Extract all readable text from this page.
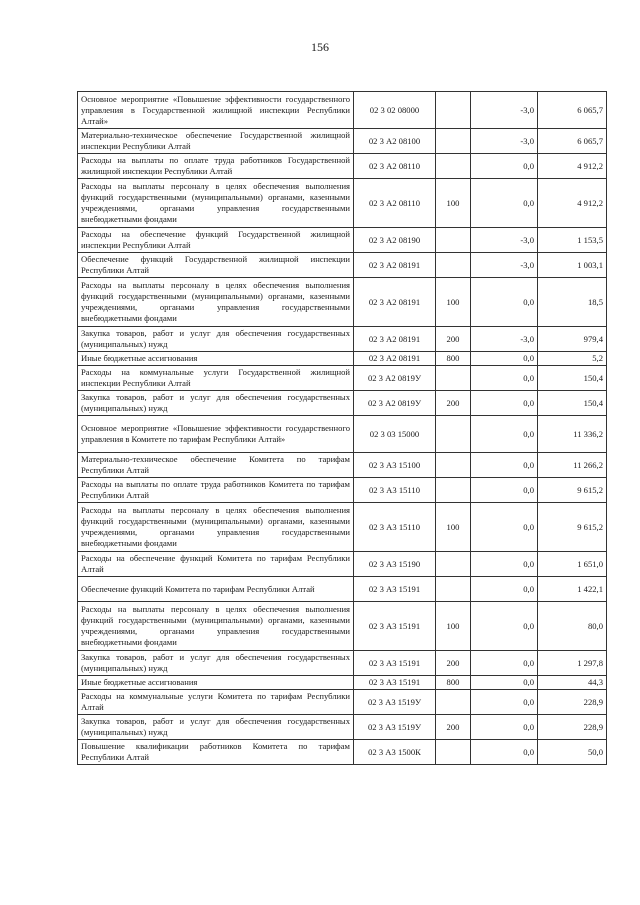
156
Основное мероприятие «Повышение эффективности государственного управления в Государственной жилищной инспекции Республики Алтай»	02 3 02 08000		-3,0	6 065,7
Материально-техническое обеспечение Государственной жилищной инспекции Республики Алтай	02 3 А2 08100		-3,0	6 065,7
Расходы на выплаты по оплате труда работников Государственной жилищной инспекции Республики Алтай	02 3 А2 08110		0,0	4 912,2
Расходы на выплаты персоналу в целях обеспечения выполнения функций государственными (муниципальными) органами, казенными учреждениями, органами управления государственными внебюджетными фондами	02 3 А2 08110	100	0,0	4 912,2
Расходы на обеспечение функций Государственной жилищной инспекции Республики Алтай	02 3 А2 08190		-3,0	1 153,5
Обеспечение функций Государственной жилищной инспекции Республики Алтай	02 3 А2 08191		-3,0	1 003,1
Расходы на выплаты персоналу в целях обеспечения выполнения функций государственными (муниципальными) органами, казенными учреждениями, органами управления государственными внебюджетными фондами	02 3 А2 08191	100	0,0	18,5
Закупка товаров, работ и услуг для обеспечения государственных (муниципальных) нужд	02 3 А2 08191	200	-3,0	979,4
Иные бюджетные ассигнования	02 3 А2 08191	800	0,0	5,2
Расходы на коммунальные услуги Государственной жилищной инспекции Республики Алтай	02 3 А2 0819У		0,0	150,4
Закупка товаров, работ и услуг для обеспечения государственных (муниципальных) нужд	02 3 А2 0819У	200	0,0	150,4
Основное мероприятие «Повышение эффективности государственного управления в Комитете по тарифам Республики Алтай»	02 3 03 15000		0,0	11 336,2
Материально-техническое обеспечение Комитета по тарифам Республики Алтай	02 3 А3 15100		0,0	11 266,2
Расходы на выплаты по оплате труда работников Комитета по тарифам Республики Алтай	02 3 А3 15110		0,0	9 615,2
Расходы на выплаты персоналу в целях обеспечения выполнения функций государственными (муниципальными) органами, казенными учреждениями, органами управления государственными внебюджетными фондами	02 3 А3 15110	100	0,0	9 615,2
Расходы на обеспечение функций Комитета по тарифам Республики Алтай	02 3 А3 15190		0,0	1 651,0
Обеспечение функций Комитета по тарифам Республики Алтай	02 3 А3 15191		0,0	1 422,1
Расходы на выплаты персоналу в целях обеспечения выполнения функций государственными (муниципальными) органами, казенными учреждениями, органами управления государственными внебюджетными фондами	02 3 А3 15191	100	0,0	80,0
Закупка товаров, работ и услуг для обеспечения государственных (муниципальных) нужд	02 3 А3 15191	200	0,0	1 297,8
Иные бюджетные ассигнования	02 3 А3 15191	800	0,0	44,3
Расходы на коммунальные услуги Комитета по тарифам Республики Алтай	02 3 А3 1519У		0,0	228,9
Закупка товаров, работ и услуг для обеспечения государственных (муниципальных) нужд	02 3 А3 1519У	200	0,0	228,9
Повышение квалификации работников Комитета по тарифам Республики Алтай	02 3 А3 1500К		0,0	50,0
